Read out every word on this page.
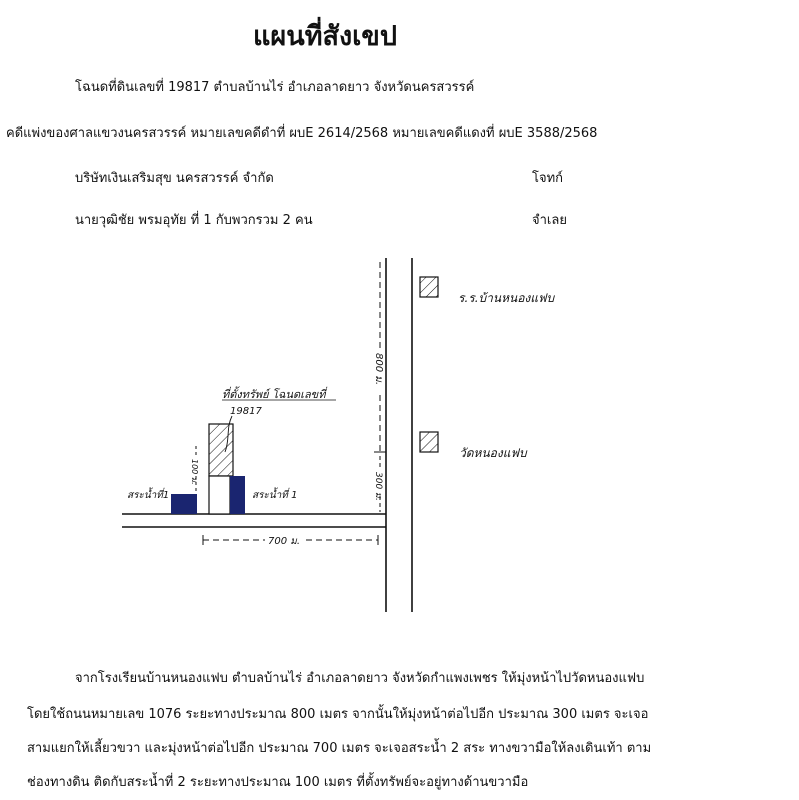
แผนที่สังเขป
โฉนดที่ดินเลขที่ 19817 ตำบลบ้านไร่ อำเภอลาดยาว จังหวัดนครสวรรค์
คดีแพ่งของศาลแขวงนครสวรรค์ หมายเลขคดีดำที่ ผบE 2614/2568 หมายเลขคดีแดงที่ ผบE 3588/2568
บริษัทเงินเสริมสุข นครสวรรค์ จำกัด	โจทก์
นายวุฒิชัย พรมอุทัย ที่ 1 กับพวกรวม 2 คน	จำเลย
ร.ร.บ้านหนองแฟบ
วัดหนองแฟบ
800 ม.
300 ม.
700 ม.
100 ม.
ที่ตั้งทรัพย์ โฉนดเลขที่
19817
สระน้ำที่1	สระน้ำที่ 1
จากโรงเรียนบ้านหนองแฟบ ตำบลบ้านไร่ อำเภอลาดยาว จังหวัดกำแพงเพชร ให้มุ่งหน้าไปวัดหนองแฟบ
โดยใช้ถนนหมายเลข 1076 ระยะทางประมาณ 800 เมตร จากนั้นให้มุ่งหน้าต่อไปอีก ประมาณ 300 เมตร จะเจอ
สามแยกให้เลี้ยวขวา และมุ่งหน้าต่อไปอีก ประมาณ 700 เมตร จะเจอสระน้ำ 2 สระ ทางขวามือให้ลงเดินเท้า ตาม
ช่องทางดิน ติดกับสระน้ำที่ 2 ระยะทางประมาณ 100 เมตร ที่ตั้งทรัพย์จะอยู่ทางด้านขวามือ
